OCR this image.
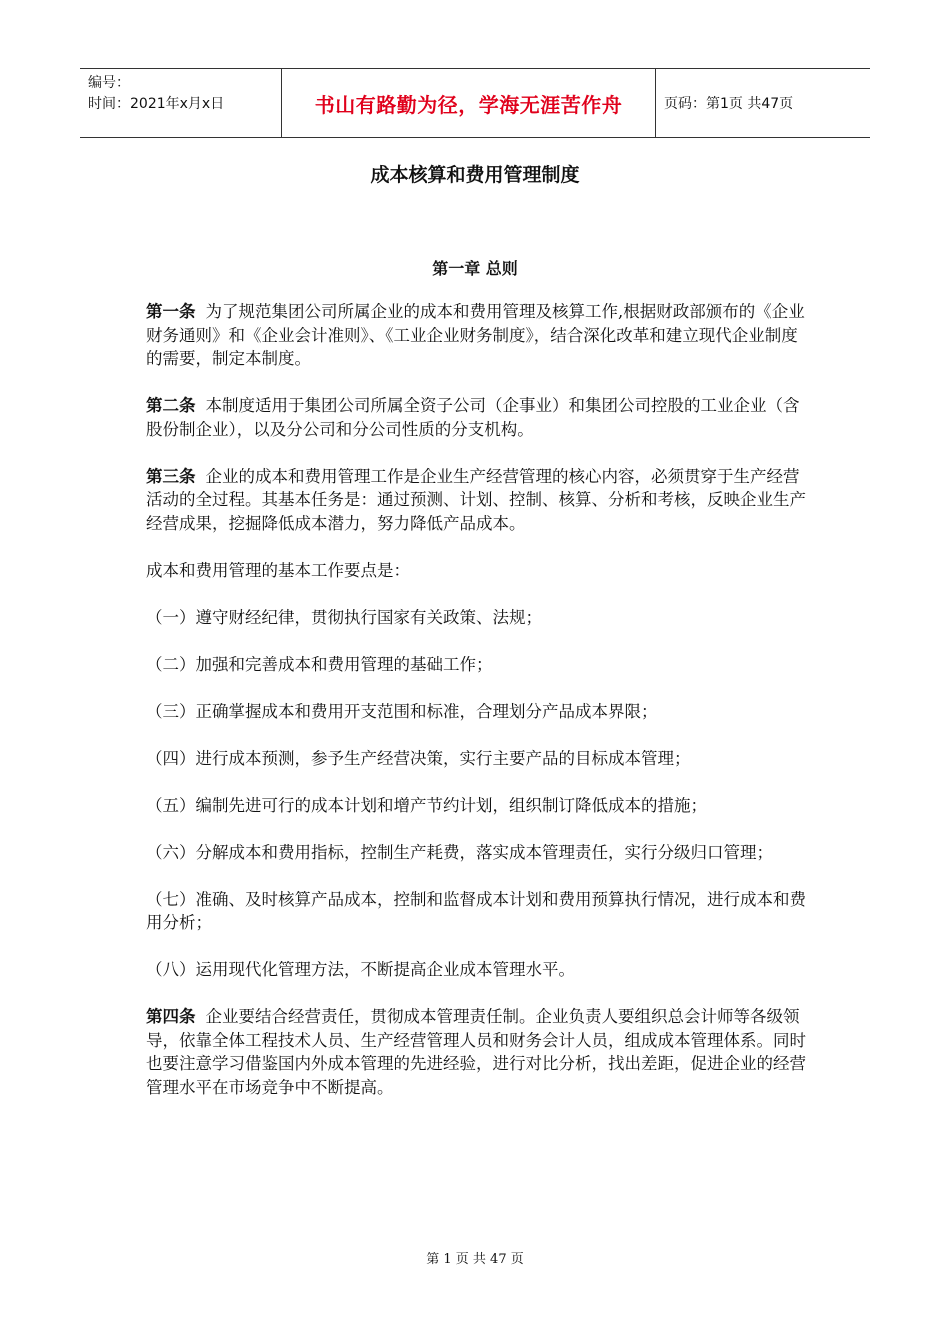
编号：
时间：2021年x月x日	书山有路勤为径，学海无涯苦作舟	页码：第1页 共47页
成本核算和费用管理制度
第一章 总则

第一条 为了规范集团公司所属企业的成本和费用管理及核算工作,根据财政部颁布的《企业财务通则》和《企业会计准则》、《工业企业财务制度》，结合深化改革和建立现代企业制度的需要，制定本制度。

第二条 本制度适用于集团公司所属全资子公司（企事业）和集团公司控股的工业企业（含股份制企业），以及分公司和分公司性质的分支机构。

第三条 企业的成本和费用管理工作是企业生产经营管理的核心内容，必须贯穿于生产经营活动的全过程。其基本任务是：通过预测、计划、控制、核算、分析和考核，反映企业生产经营成果，挖掘降低成本潜力，努力降低产品成本。

成本和费用管理的基本工作要点是：

（一）遵守财经纪律，贯彻执行国家有关政策、法规；

（二）加强和完善成本和费用管理的基础工作；

（三）正确掌握成本和费用开支范围和标准，合理划分产品成本界限；

（四）进行成本预测，参予生产经营决策，实行主要产品的目标成本管理；

（五）编制先进可行的成本计划和增产节约计划，组织制订降低成本的措施；

（六）分解成本和费用指标，控制生产耗费，落实成本管理责任，实行分级归口管理；

（七）准确、及时核算产品成本，控制和监督成本计划和费用预算执行情况，进行成本和费用分析；

（八）运用现代化管理方法，不断提高企业成本管理水平。

第四条 企业要结合经营责任，贯彻成本管理责任制。企业负责人要组织总会计师等各级领导，依靠全体工程技术人员、生产经营管理人员和财务会计人员，组成成本管理体系。同时也要注意学习借鉴国内外成本管理的先进经验，进行对比分析，找出差距，促进企业的经营管理水平在市场竞争中不断提高。

第 1 页 共 47 页
